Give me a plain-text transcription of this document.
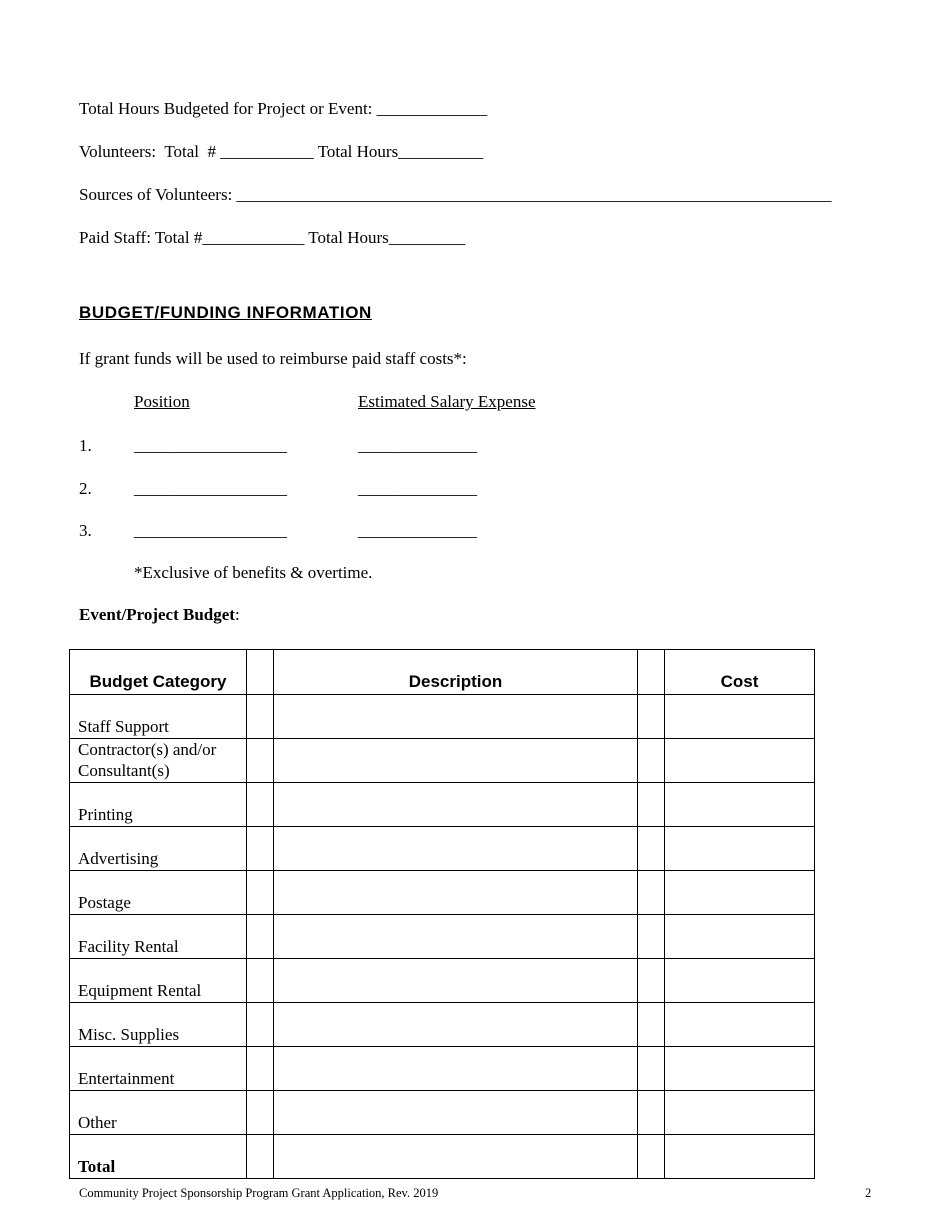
Total Hours Budgeted for Project or Event: _____________
Volunteers:  Total  # ___________ Total Hours__________
Sources of Volunteers: ______________________________________________________________________
Paid Staff: Total #____________ Total Hours_________
BUDGET/FUNDING INFORMATION
If grant funds will be used to reimburse paid staff costs*:
Position	Estimated Salary Expense
1. __________________	______________
2. __________________	______________
3. __________________	______________
*Exclusive of benefits & overtime.
Event/Project Budget:
Budget Category		Description		Cost
Staff Support				
Contractor(s) and/or Consultant(s)				
Printing				
Advertising				
Postage				
Facility Rental				
Equipment Rental				
Misc. Supplies				
Entertainment				
Other				
Total				
Community Project Sponsorship Program Grant Application, Rev. 2019	2
